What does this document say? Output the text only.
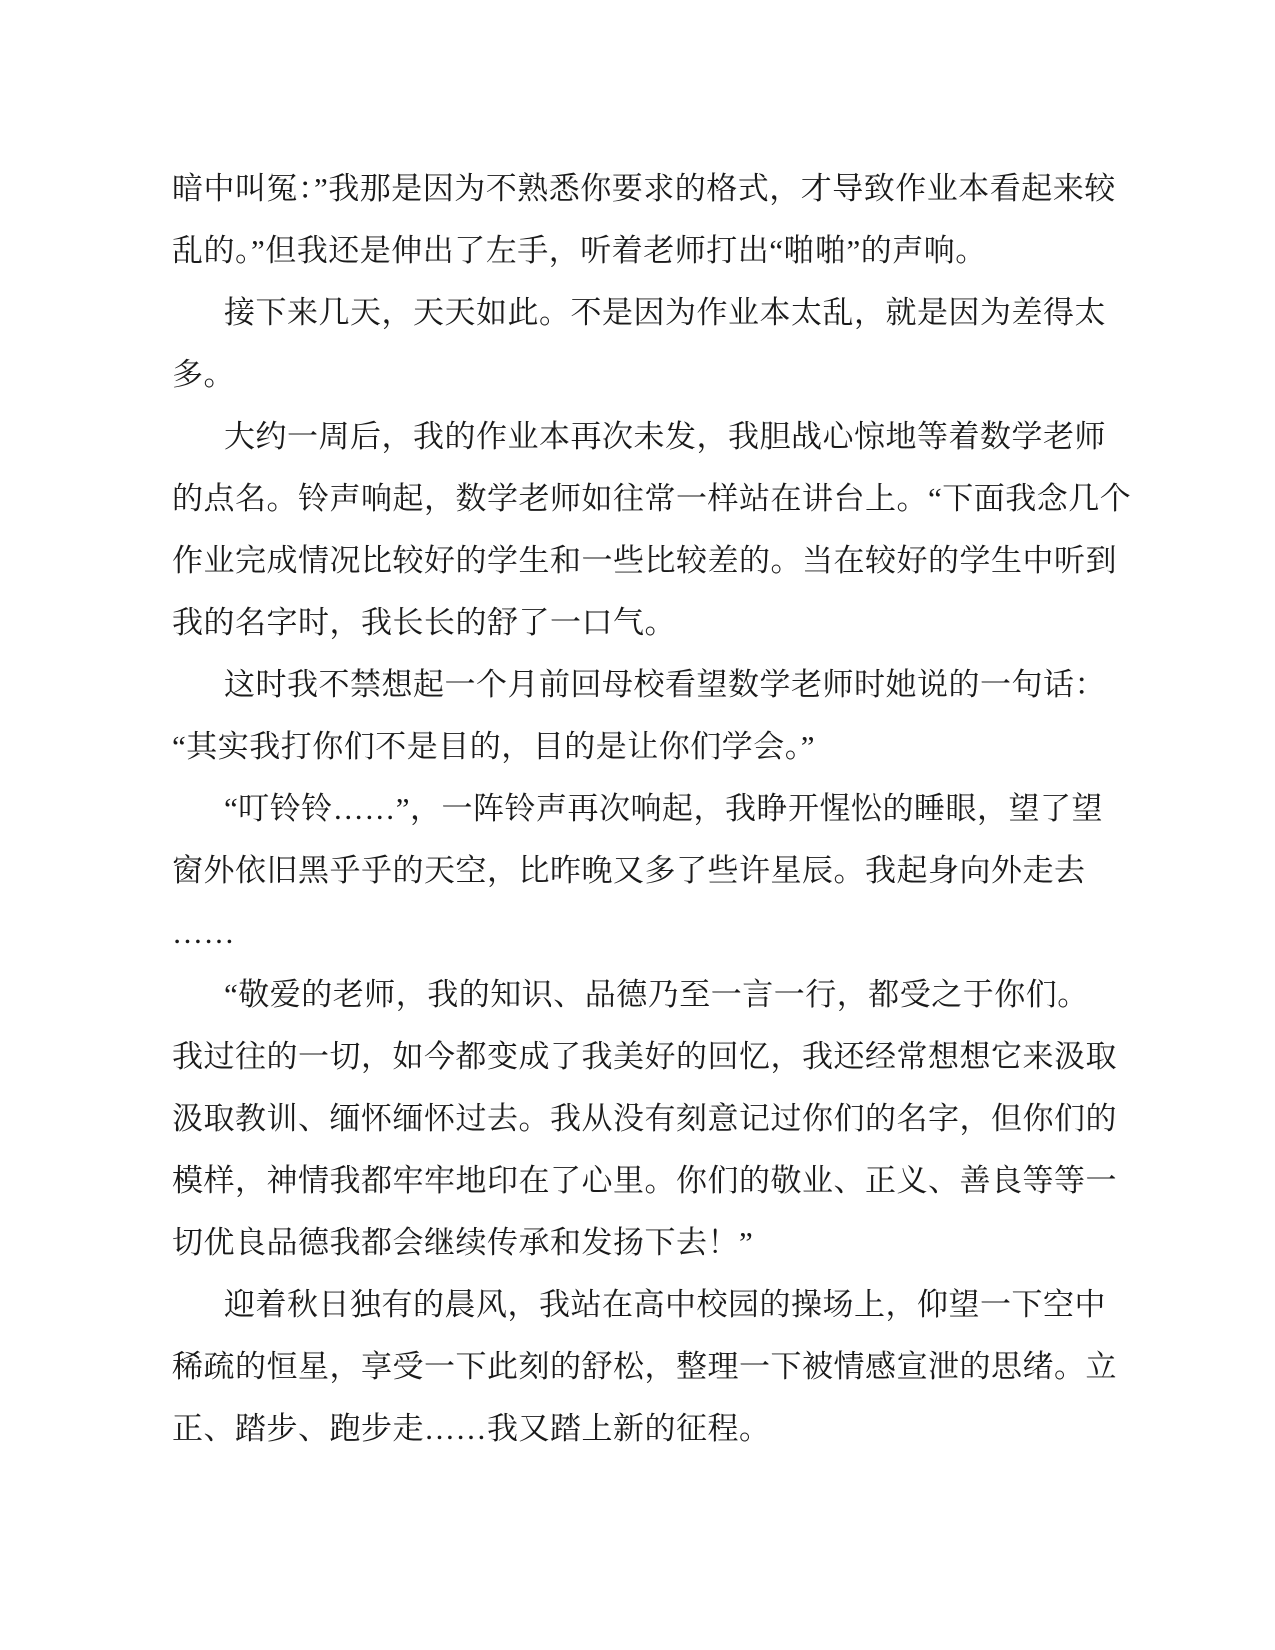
暗中叫冤：”我那是因为不熟悉你要求的格式，才导致作业本看起来较
乱的。”但我还是伸出了左手，听着老师打出“啪啪”的声响。
接下来几天，天天如此。不是因为作业本太乱，就是因为差得太
多。
大约一周后，我的作业本再次未发，我胆战心惊地等着数学老师
的点名。铃声响起，数学老师如往常一样站在讲台上。“下面我念几个
作业完成情况比较好的学生和一些比较差的。当在较好的学生中听到
我的名字时，我长长的舒了一口气。
这时我不禁想起一个月前回母校看望数学老师时她说的一句话：
“其实我打你们不是目的，目的是让你们学会。”
“叮铃铃……”，一阵铃声再次响起，我睁开惺忪的睡眼，望了望
窗外依旧黑乎乎的天空，比昨晚又多了些许星辰。我起身向外走去
……
“敬爱的老师，我的知识、品德乃至一言一行，都受之于你们。
我过往的一切，如今都变成了我美好的回忆，我还经常想想它来汲取
汲取教训、缅怀缅怀过去。我从没有刻意记过你们的名字，但你们的
模样，神情我都牢牢地印在了心里。你们的敬业、正义、善良等等一
切优良品德我都会继续传承和发扬下去！”
迎着秋日独有的晨风，我站在高中校园的操场上，仰望一下空中
稀疏的恒星，享受一下此刻的舒松，整理一下被情感宣泄的思绪。立
正、踏步、跑步走……我又踏上新的征程。
